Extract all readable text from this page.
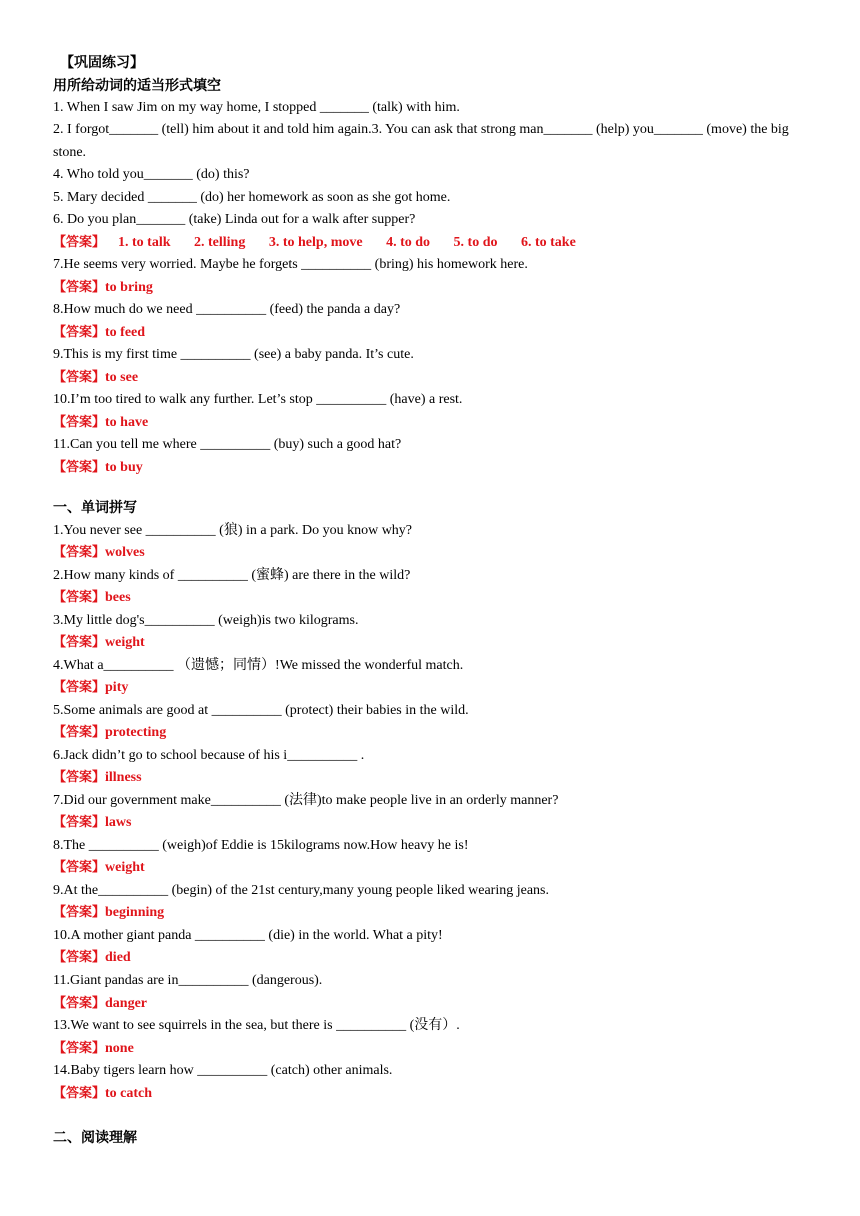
【巩固练习】
用所给动词的适当形式填空
1. When I saw Jim on my way home, I stopped _______ (talk) with him.
2. I forgot_______ (tell) him about it and told him again.3. You can ask that strong man_______ (help) you_______ (move) the big stone.
4. Who told you_______ (do) this?
5. Mary decided _______ (do) her homework as soon as she got home.
6. Do you plan_______ (take) Linda out for a walk after supper?
【答案】 1. to talk 2. telling 3. to help, move 4. to do 5. to do 6. to take
7.He seems very worried. Maybe he forgets __________ (bring) his homework here.
【答案】to bring
8.How much do we need __________ (feed) the panda a day?
【答案】to feed
9.This is my first time __________ (see) a baby panda. It’s cute.
【答案】to see
10.I’m too tired to walk any further. Let’s stop __________ (have) a rest.
【答案】to have
11.Can you tell me where __________ (buy) such a good hat?
【答案】to buy
一、单词拼写
1.You never see __________ (狼) in a park. Do you know why?
【答案】wolves
2.How many kinds of __________ (蜜蜂) are there in the wild?
【答案】bees
3.My little dog's__________ (weigh)is two kilograms.
【答案】weight
4.What a__________ （遗憾；同情）!We missed the wonderful match.
【答案】pity
5.Some animals are good at __________ (protect) their babies in the wild.
【答案】protecting
6.Jack didn’t go to school because of his i__________ .
【答案】illness
7.Did our government make__________ (法律)to make people live in an orderly manner?
【答案】laws
8.The __________ (weigh)of Eddie is 15kilograms now.How heavy he is!
【答案】weight
9.At the__________ (begin) of the 21st century,many young people liked wearing jeans.
【答案】beginning
10.A mother giant panda __________ (die) in the world. What a pity!
【答案】died
11.Giant pandas are in__________ (dangerous).
【答案】danger
13.We want to see squirrels in the sea, but there is __________ (没有）.
【答案】none
14.Baby tigers learn how __________ (catch) other animals.
【答案】to catch
二、阅读理解
